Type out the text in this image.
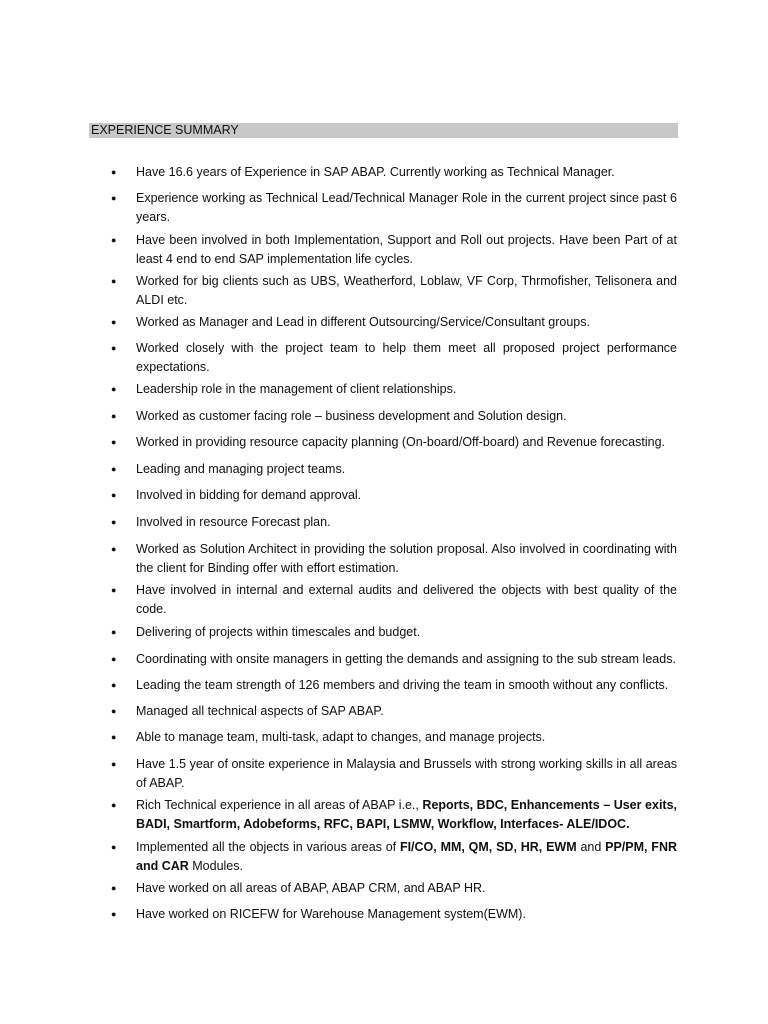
EXPERIENCE SUMMARY
● Have 16.6 years of Experience in SAP ABAP. Currently working as Technical Manager.
● Experience working as Technical Lead/Technical Manager Role in the current project since past 6 years.
● Have been involved in both Implementation, Support and Roll out projects. Have been Part of at least 4 end to end SAP implementation life cycles.
● Worked for big clients such as UBS, Weatherford, Loblaw, VF Corp, Thrmofisher, Telisonera and ALDI etc.
● Worked as Manager and Lead in different Outsourcing/Service/Consultant groups.
● Worked closely with the project team to help them meet all proposed project performance expectations.
● Leadership role in the management of client relationships.
● Worked as customer facing role – business development and Solution design.
● Worked in providing resource capacity planning (On-board/Off-board) and Revenue forecasting.
● Leading and managing project teams.
● Involved in bidding for demand approval.
● Involved in resource Forecast plan.
● Worked as Solution Architect in providing the solution proposal. Also involved in coordinating with the client for Binding offer with effort estimation.
● Have involved in internal and external audits and delivered the objects with best quality of the code.
● Delivering of projects within timescales and budget.
● Coordinating with onsite managers in getting the demands and assigning to the sub stream leads.
● Leading the team strength of 126 members and driving the team in smooth without any conflicts.
● Managed all technical aspects of SAP ABAP.
● Able to manage team, multi-task, adapt to changes, and manage projects.
● Have 1.5 year of onsite experience in Malaysia and Brussels with strong working skills in all areas of ABAP.
● Rich Technical experience in all areas of ABAP i.e., Reports, BDC, Enhancements – User exits, BADI, Smartform, Adobeforms, RFC, BAPI, LSMW, Workflow, Interfaces- ALE/IDOC.
● Implemented all the objects in various areas of FI/CO, MM, QM, SD, HR, EWM and PP/PM, FNR and CAR Modules.
● Have worked on all areas of ABAP, ABAP CRM, and ABAP HR.
● Have worked on RICEFW for Warehouse Management system(EWM).
